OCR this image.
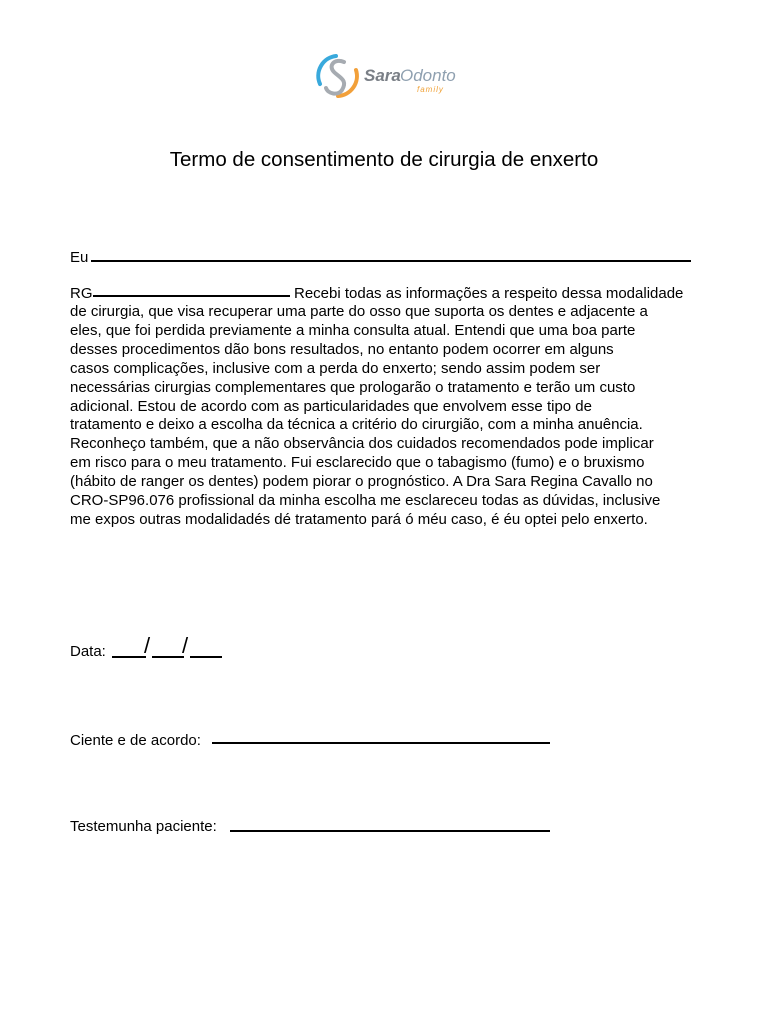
Sara Odonto
family
Termo de consentimento de cirurgia de enxerto
Eu
RG	Recebi todas as informações a respeito dessa modalidade
de cirurgia, que visa recuperar uma parte do osso que suporta os dentes e adjacente a
eles, que foi perdida previamente a minha consulta atual. Entendi que uma boa parte
desses procedimentos dão bons resultados, no entanto podem ocorrer em alguns
casos complicações, inclusive com a perda do enxerto; sendo assim podem ser
necessárias cirurgias complementares que prologarão o tratamento e terão um custo
adicional. Estou de acordo com as particularidades que envolvem esse tipo de
tratamento e deixo a escolha da técnica a critério do cirurgião, com a minha anuência.
Reconheço também, que a não observância dos cuidados recomendados pode implicar
em risco para o meu tratamento. Fui esclarecido que o tabagismo (fumo) e o bruxismo
(hábito de ranger os dentes) podem piorar o prognóstico. A Dra Sara Regina Cavallo no
CRO-SP96.076 profissional da minha escolha me esclareceu todas as dúvidas, inclusive
me expos outras modalidadés dé tratamento pará ó méu caso, é éu optei pelo enxerto.
Data: / /
Ciente e de acordo:
Testemunha paciente:
